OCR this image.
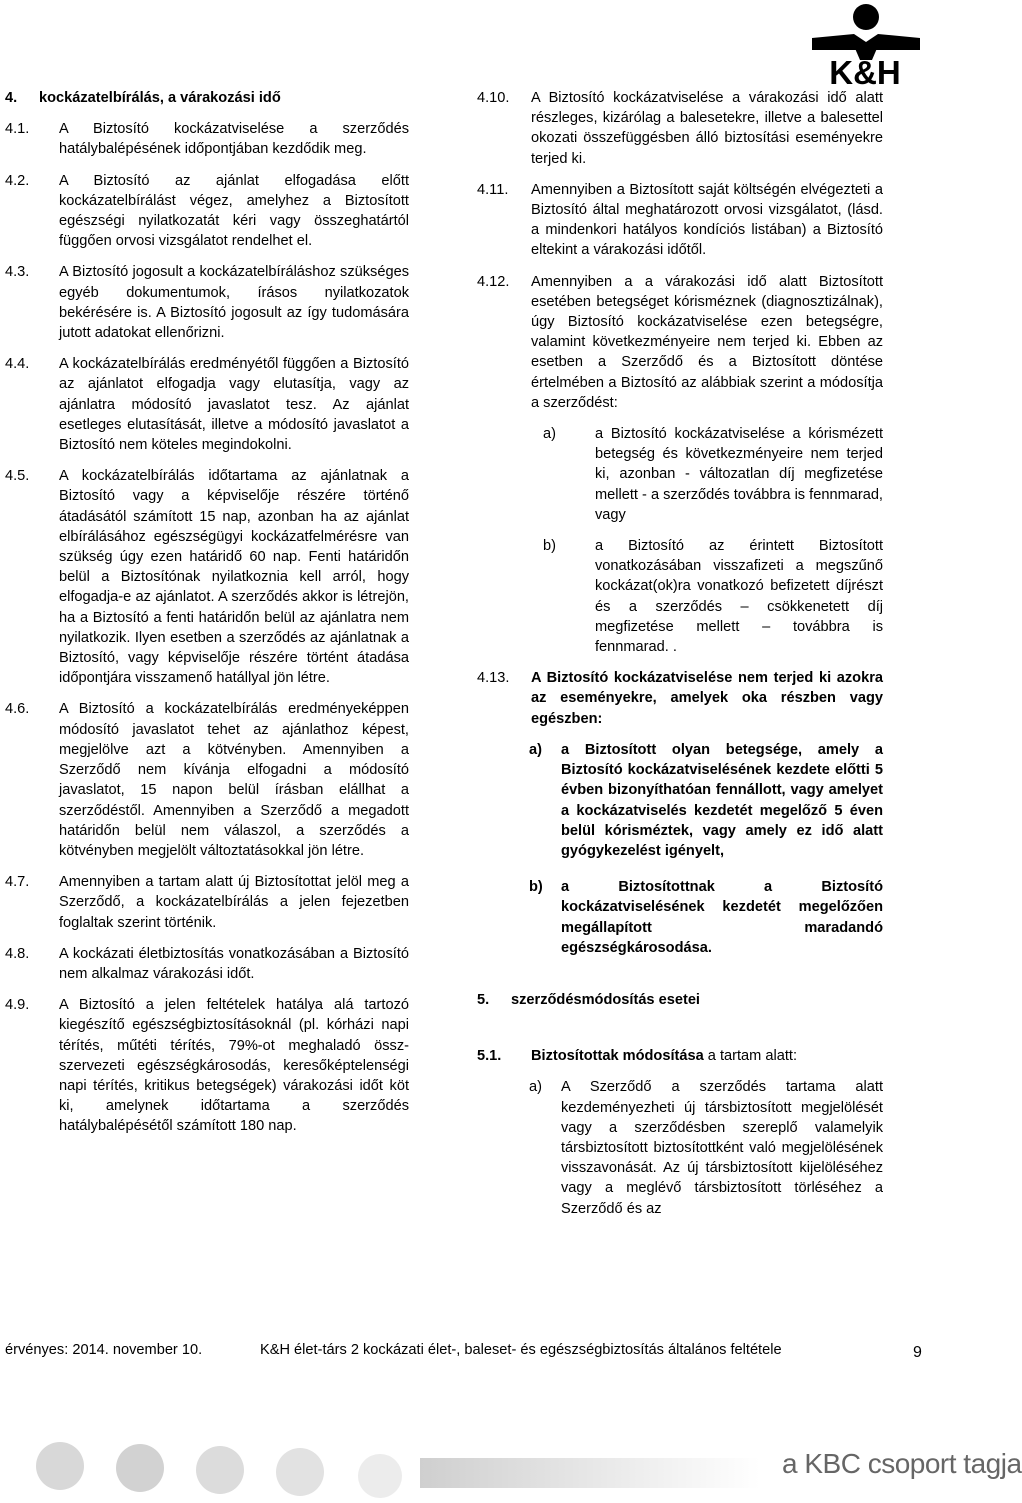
K&H
4.	kockázatelbírálás, a várakozási idő
4.1.	A Biztosító kockázatviselése a szerződés hatálybalépésének időpontjában kezdődik meg.
4.2.	A Biztosító az ajánlat elfogadása előtt kockázatelbírálást végez, amelyhez a Biztosított egészségi nyilatkozatát kéri vagy összeghatártól függően orvosi vizsgálatot rendelhet el.
4.3.	A Biztosító jogosult a kockázatelbíráláshoz szükséges egyéb dokumentumok, írásos nyilatkozatok bekérésére is. A Biztosító jogosult az így tudomására jutott adatokat ellenőrizni.
4.4.	A kockázatelbírálás eredményétől függően a Biztosító az ajánlatot elfogadja vagy elutasítja, vagy az ajánlatra módosító javaslatot tesz. Az ajánlat esetleges elutasítását, illetve a módosító javaslatot a Biztosító nem köteles megindokolni.
4.5.	A kockázatelbírálás időtartama az ajánlatnak a Biztosító vagy a képviselője részére történő átadásától számított 15 nap, azonban ha az ajánlat elbírálásához egészségügyi kockázatfelmérésre van szükség úgy ezen határidő 60 nap. Fenti határidőn belül a Biztosítónak nyilatkoznia kell arról, hogy elfogadja-e az ajánlatot. A szerződés akkor is létrejön, ha a Biztosító a fenti határidőn belül az ajánlatra nem nyilatkozik. Ilyen esetben a szerződés az ajánlatnak a Biztosító, vagy képviselője részére történt átadása időpontjára visszamenő hatállyal jön létre.
4.6.	A Biztosító a kockázatelbírálás eredményeképpen módosító javaslatot tehet az ajánlathoz képest, megjelölve azt a kötvényben. Amennyiben a Szerződő nem kívánja elfogadni a módosító javaslatot, 15 napon belül írásban elállhat a szerződéstől. Amennyiben a Szerződő a megadott határidőn belül nem válaszol, a szerződés a kötvényben megjelölt változtatásokkal jön létre.
4.7.	Amennyiben a tartam alatt új Biztosítottat jelöl meg a Szerződő, a kockázatelbírálás a jelen fejezetben foglaltak szerint történik.
4.8.	A kockázati életbiztosítás vonatkozásában a Biztosító nem alkalmaz várakozási időt.
4.9.	A Biztosító a jelen feltételek hatálya alá tartozó kiegészítő egészségbiztosításoknál (pl. kórházi napi térítés, műtéti térítés, 79%-ot meghaladó össz-szervezeti egészségkárosodás, keresőképtelenségi napi térítés, kritikus betegségek) várakozási időt köt ki, amelynek időtartama a szerződés hatálybalépésétől számított 180 nap.
4.10.	A Biztosító kockázatviselése a várakozási idő alatt részleges, kizárólag a balesetekre, illetve a balesettel okozati összefüggésben álló biztosítási eseményekre terjed ki.
4.11.	Amennyiben a Biztosított saját költségén elvégezteti a Biztosító által meghatározott orvosi vizsgálatot, (lásd. a mindenkori hatályos kondíciós listában) a Biztosító eltekint a várakozási időtől.
4.12.	Amennyiben a a várakozási idő alatt Biztosított esetében betegséget kórisméznek (diagnosztizálnak), úgy Biztosító kockázatviselése ezen betegségre, valamint következményeire nem terjed ki. Ebben az esetben a Szerződő és a Biztosított döntése értelmében a Biztosító az alábbiak szerint a módosítja a szerződést:
a)	a Biztosító kockázatviselése a kórismézett betegség és következményeire nem terjed ki, azonban - változatlan díj megfizetése mellett - a szerződés továbbra is fennmarad, vagy
b)	a Biztosító az érintett Biztosított vonatkozásában visszafizeti a megszűnő kockázat(ok)ra vonatkozó befizetett díjrészt és a szerződés – csökkenetett díj megfizetése mellett – továbbra is fennmarad. .
4.13.	A Biztosító kockázatviselése nem terjed ki azokra az eseményekre, amelyek oka részben vagy egészben:
a)	a Biztosított olyan betegsége, amely a Biztosító kockázatviselésének kezdete előtti 5 évben bizonyíthatóan fennállott, vagy amelyet a kockázatviselés kezdetét megelőző 5 éven belül kórisméztek, vagy amely ez idő alatt gyógykezelést igényelt,
b)	a Biztosítottnak a Biztosító kockázatviselésének kezdetét megelőzően megállapított maradandó egészségkárosodása.
5.	szerződésmódosítás esetei
5.1.	Biztosítottak módosítása a tartam alatt:
a)	A Szerződő a szerződés tartama alatt kezdeményezheti új társbiztosított megjelölését vagy a szerződésben szereplő valamelyik társbiztosított biztosítottként való megjelölésének visszavonását. Az új társbiztosított kijelöléséhez vagy a meglévő társbiztosított törléséhez a Szerződő és az
érvényes: 2014. november 10.	K&H élet-társ 2 kockázati élet-, baleset- és egészségbiztosítás általános feltétele	9
a KBC csoport tagja
